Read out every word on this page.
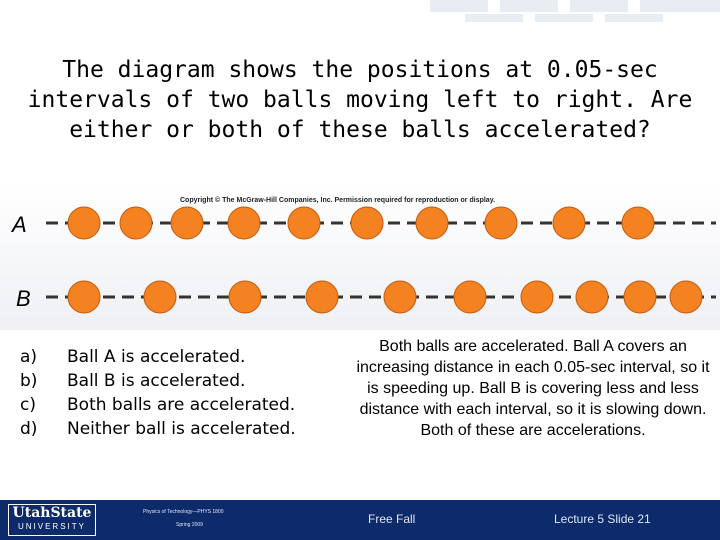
The diagram shows the positions at 0.05-sec intervals of two balls moving left to right. Are either or both of these balls accelerated?
Copyright © The McGraw-Hill Companies, Inc. Permission required for reproduction or display.
A
B
a)	Ball A is accelerated.
b)	Ball B is accelerated.
c)	Both balls are accelerated.
d)	Neither ball is accelerated.
Both balls are accelerated. Ball A covers an increasing distance in each 0.05-sec interval, so it is speeding up. Ball B is covering less and less distance with each interval, so it is slowing down. Both of these are accelerations.
UtahState
UNIVERSITY
Physics of Technology—PHYS 1800
Spring 2009	Free Fall	Lecture 5 Slide 21
